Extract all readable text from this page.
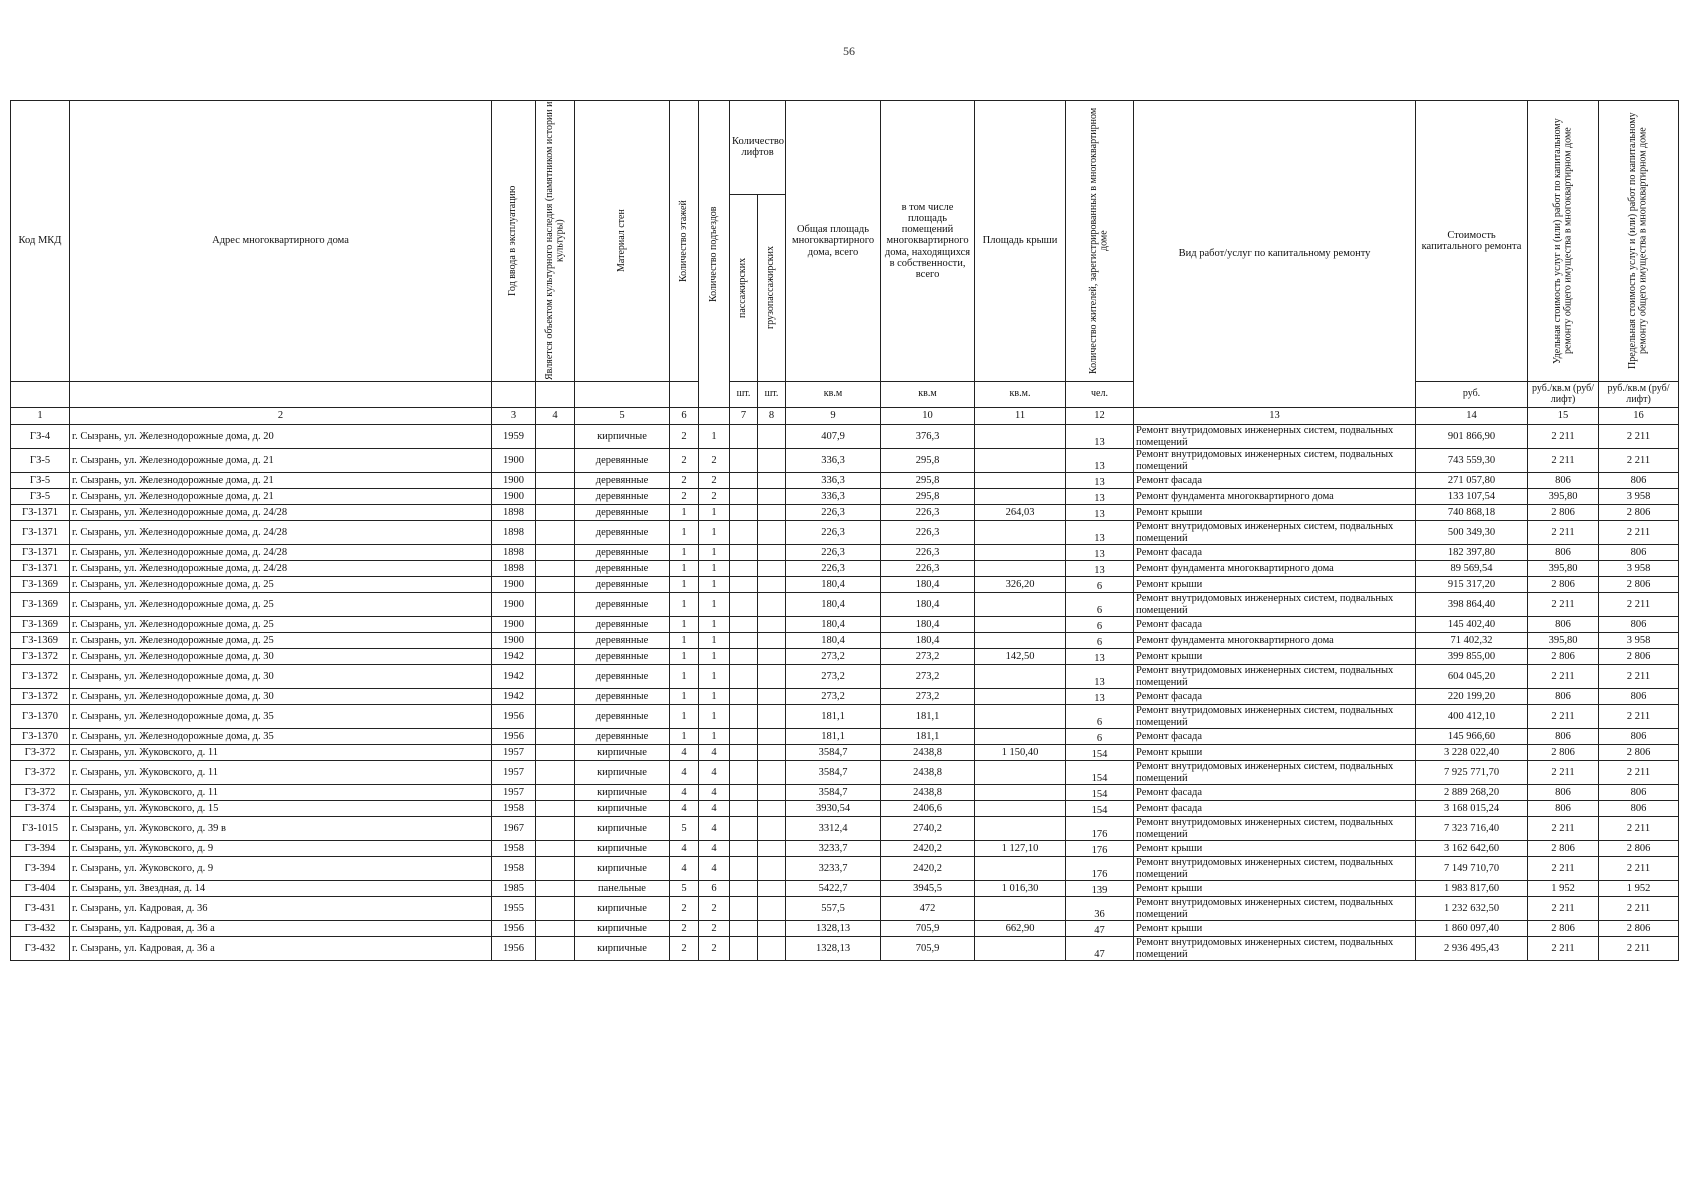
56
Код МКД	Адрес многоквартирного дома	Год ввода в эксплуатацию	Является объектом культурного наследия (памятником истории и культуры)	Материал стен	Количество этажей	Количество подъездов	Количество лифтов		Общая площадь многоквартирного дома, всего	в том числе площадь помещений многоквартирного дома, находящихся в собственности, всего	Площадь крыши	Количество жителей, зарегистрированных в многоквартирном доме	Вид работ/услуг по капитальному ремонту	Стоимость капитального ремонта	Удельная стоимость услуг и (или) работ по капитальному ремонту общего имущества в многоквартирном доме	Предельная стоимость услуг и (или) работ по капитальному ремонту общего имущества в многоквартирном доме

							пассажирских	грузопассажирских								

							шт.	шт.	кв.м	кв.м	кв.м.	чел.		руб.	руб./кв.м (руб/лифт)	руб./кв.м (руб/лифт)
1	2	3	4	5	6		7	8	9	10	11	12	13	14	15	16
ГЗ-4	г. Сызрань, ул. Железнодорожные дома, д. 20	1959		кирпичные	2	1			407,9	376,3		13	Ремонт внутридомовых инженерных систем, подвальных помещений	901 866,90	2 211	2 211
ГЗ-5	г. Сызрань, ул. Железнодорожные дома, д. 21	1900		деревянные	2	2			336,3	295,8		13	Ремонт внутридомовых инженерных систем, подвальных помещений	743 559,30	2 211	2 211
ГЗ-5	г. Сызрань, ул. Железнодорожные дома, д. 21	1900		деревянные	2	2			336,3	295,8		13	Ремонт фасада	271 057,80	806	806
ГЗ-5	г. Сызрань, ул. Железнодорожные дома, д. 21	1900		деревянные	2	2			336,3	295,8		13	Ремонт фундамента многоквартирного дома	133 107,54	395,80	3 958
ГЗ-1371	г. Сызрань, ул. Железнодорожные дома, д. 24/28	1898		деревянные	1	1			226,3	226,3	264,03	13	Ремонт крыши	740 868,18	2 806	2 806
ГЗ-1371	г. Сызрань, ул. Железнодорожные дома, д. 24/28	1898		деревянные	1	1			226,3	226,3		13	Ремонт внутридомовых инженерных систем, подвальных помещений	500 349,30	2 211	2 211
ГЗ-1371	г. Сызрань, ул. Железнодорожные дома, д. 24/28	1898		деревянные	1	1			226,3	226,3		13	Ремонт фасада	182 397,80	806	806
ГЗ-1371	г. Сызрань, ул. Железнодорожные дома, д. 24/28	1898		деревянные	1	1			226,3	226,3		13	Ремонт фундамента многоквартирного дома	89 569,54	395,80	3 958
ГЗ-1369	г. Сызрань, ул. Железнодорожные дома, д. 25	1900		деревянные	1	1			180,4	180,4	326,20	6	Ремонт крыши	915 317,20	2 806	2 806
ГЗ-1369	г. Сызрань, ул. Железнодорожные дома, д. 25	1900		деревянные	1	1			180,4	180,4		6	Ремонт внутридомовых инженерных систем, подвальных помещений	398 864,40	2 211	2 211
ГЗ-1369	г. Сызрань, ул. Железнодорожные дома, д. 25	1900		деревянные	1	1			180,4	180,4		6	Ремонт фасада	145 402,40	806	806
ГЗ-1369	г. Сызрань, ул. Железнодорожные дома, д. 25	1900		деревянные	1	1			180,4	180,4		6	Ремонт фундамента многоквартирного дома	71 402,32	395,80	3 958
ГЗ-1372	г. Сызрань, ул. Железнодорожные дома, д. 30	1942		деревянные	1	1			273,2	273,2	142,50	13	Ремонт крыши	399 855,00	2 806	2 806
ГЗ-1372	г. Сызрань, ул. Железнодорожные дома, д. 30	1942		деревянные	1	1			273,2	273,2		13	Ремонт внутридомовых инженерных систем, подвальных помещений	604 045,20	2 211	2 211
ГЗ-1372	г. Сызрань, ул. Железнодорожные дома, д. 30	1942		деревянные	1	1			273,2	273,2		13	Ремонт фасада	220 199,20	806	806
ГЗ-1370	г. Сызрань, ул. Железнодорожные дома, д. 35	1956		деревянные	1	1			181,1	181,1		6	Ремонт внутридомовых инженерных систем, подвальных помещений	400 412,10	2 211	2 211
ГЗ-1370	г. Сызрань, ул. Железнодорожные дома, д. 35	1956		деревянные	1	1			181,1	181,1		6	Ремонт фасада	145 966,60	806	806
ГЗ-372	г. Сызрань, ул. Жуковского, д. 11	1957		кирпичные	4	4			3584,7	2438,8	1 150,40	154	Ремонт крыши	3 228 022,40	2 806	2 806
ГЗ-372	г. Сызрань, ул. Жуковского, д. 11	1957		кирпичные	4	4			3584,7	2438,8		154	Ремонт внутридомовых инженерных систем, подвальных помещений	7 925 771,70	2 211	2 211
ГЗ-372	г. Сызрань, ул. Жуковского, д. 11	1957		кирпичные	4	4			3584,7	2438,8		154	Ремонт фасада	2 889 268,20	806	806
ГЗ-374	г. Сызрань, ул. Жуковского, д. 15	1958		кирпичные	4	4			3930,54	2406,6		154	Ремонт фасада	3 168 015,24	806	806
ГЗ-1015	г. Сызрань, ул. Жуковского, д. 39 в	1967		кирпичные	5	4			3312,4	2740,2		176	Ремонт внутридомовых инженерных систем, подвальных помещений	7 323 716,40	2 211	2 211
ГЗ-394	г. Сызрань, ул. Жуковского, д. 9	1958		кирпичные	4	4			3233,7	2420,2	1 127,10	176	Ремонт крыши	3 162 642,60	2 806	2 806
ГЗ-394	г. Сызрань, ул. Жуковского, д. 9	1958		кирпичные	4	4			3233,7	2420,2		176	Ремонт внутридомовых инженерных систем, подвальных помещений	7 149 710,70	2 211	2 211
ГЗ-404	г. Сызрань, ул. Звездная, д. 14	1985		панельные	5	6			5422,7	3945,5	1 016,30	139	Ремонт крыши	1 983 817,60	1 952	1 952
ГЗ-431	г. Сызрань, ул. Кадровая, д. 36	1955		кирпичные	2	2			557,5	472		36	Ремонт внутридомовых инженерных систем, подвальных помещений	1 232 632,50	2 211	2 211
ГЗ-432	г. Сызрань, ул. Кадровая, д. 36 а	1956		кирпичные	2	2			1328,13	705,9	662,90	47	Ремонт крыши	1 860 097,40	2 806	2 806
ГЗ-432	г. Сызрань, ул. Кадровая, д. 36 а	1956		кирпичные	2	2			1328,13	705,9		47	Ремонт внутридомовых инженерных систем, подвальных помещений	2 936 495,43	2 211	2 211
